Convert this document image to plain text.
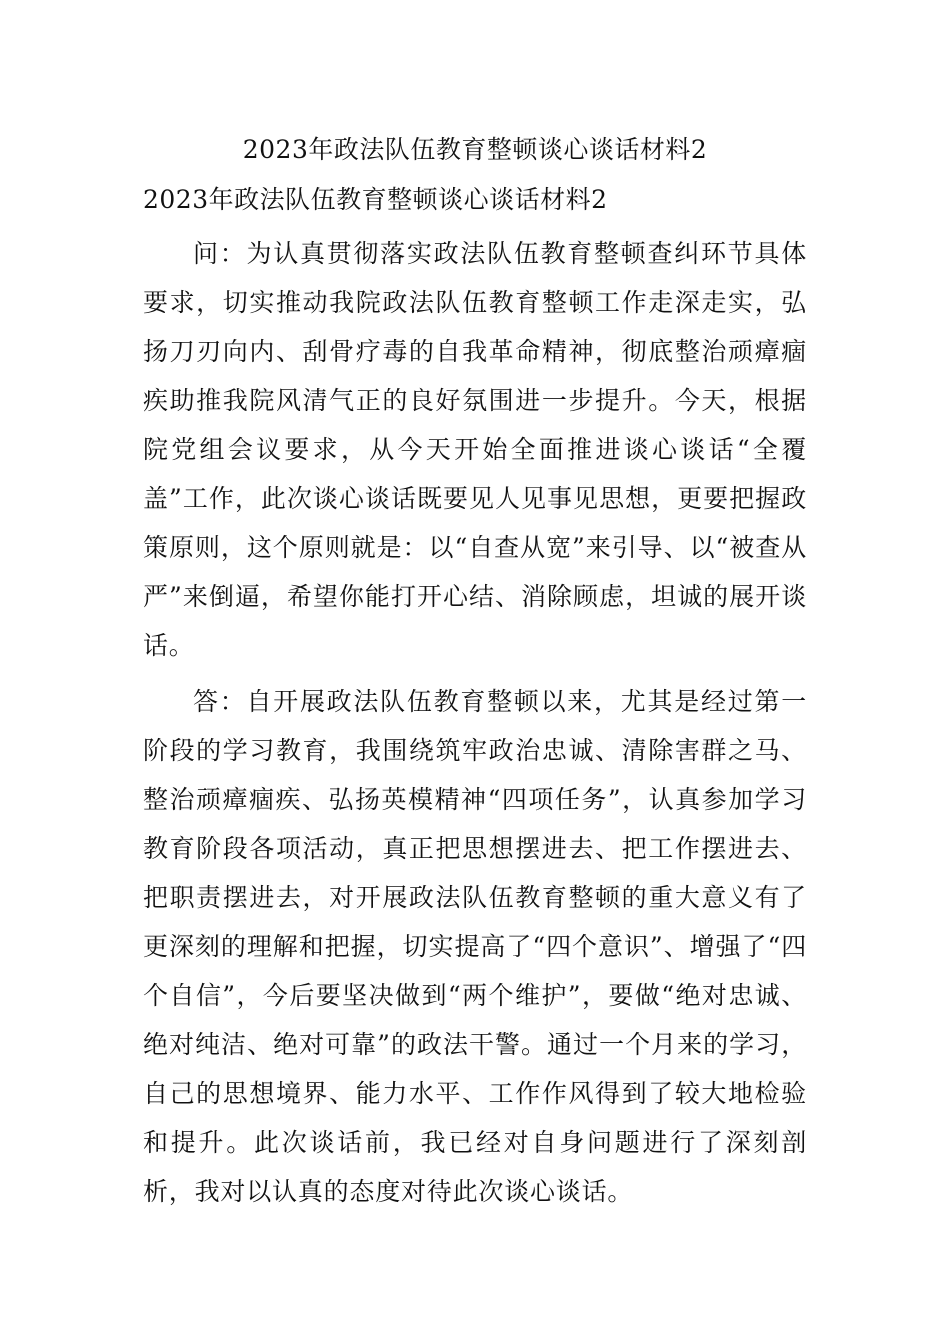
2023年政法队伍教育整顿谈心谈话材料2
2023年政法队伍教育整顿谈心谈话材料2

问：为认真贯彻落实政法队伍教育整顿查纠环节具体要求，切实推动我院政法队伍教育整顿工作走深走实，弘扬刀刃向内、刮骨疗毒的自我革命精神，彻底整治顽瘴痼疾助推我院风清气正的良好氛围进一步提升。今天，根据院党组会议要求，从今天开始全面推进谈心谈话“全覆盖”工作，此次谈心谈话既要见人见事见思想，更要把握政策原则，这个原则就是：以“自查从宽”来引导、以“被查从严”来倒逼，希望你能打开心结、消除顾虑，坦诚的展开谈话。

答：自开展政法队伍教育整顿以来，尤其是经过第一阶段的学习教育，我围绕筑牢政治忠诚、清除害群之马、整治顽瘴痼疾、弘扬英模精神“四项任务”，认真参加学习教育阶段各项活动，真正把思想摆进去、把工作摆进去、把职责摆进去，对开展政法队伍教育整顿的重大意义有了更深刻的理解和把握，切实提高了“四个意识”、增强了“四个自信”，今后要坚决做到“两个维护”，要做“绝对忠诚、绝对纯洁、绝对可靠”的政法干警。通过一个月来的学习，自己的思想境界、能力水平、工作作风得到了较大地检验和提升。此次谈话前，我已经对自身问题进行了深刻剖析，我对以认真的态度对待此次谈心谈话。
